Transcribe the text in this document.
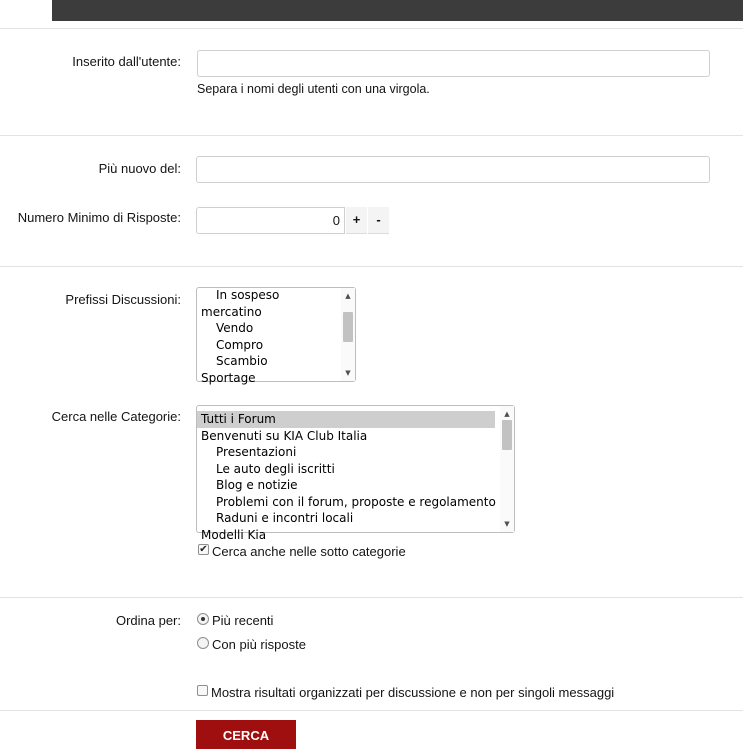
Inserito dall'utente:
Separa i nomi degli utenti con una virgola.
Più nuovo del:
Numero Minimo di Risposte:	0 +	-
Prefissi Discussioni:	In sospeso
mercatino
Vendo
Compro
Scambio
Sportage
▲
▼
Cerca nelle Categorie:	Tutti i Forum
Benvenuti su KIA Club Italia
Presentazioni
Le auto degli iscritti
Blog e notizie
Problemi con il forum, proposte e regolamento
Raduni e incontri locali
Modelli Kia
▲
▼
✔ Cerca anche nelle sotto categorie
Ordina per: Più recenti
Con più risposte
Mostra risultati organizzati per discussione e non per singoli messaggi
CERCA
